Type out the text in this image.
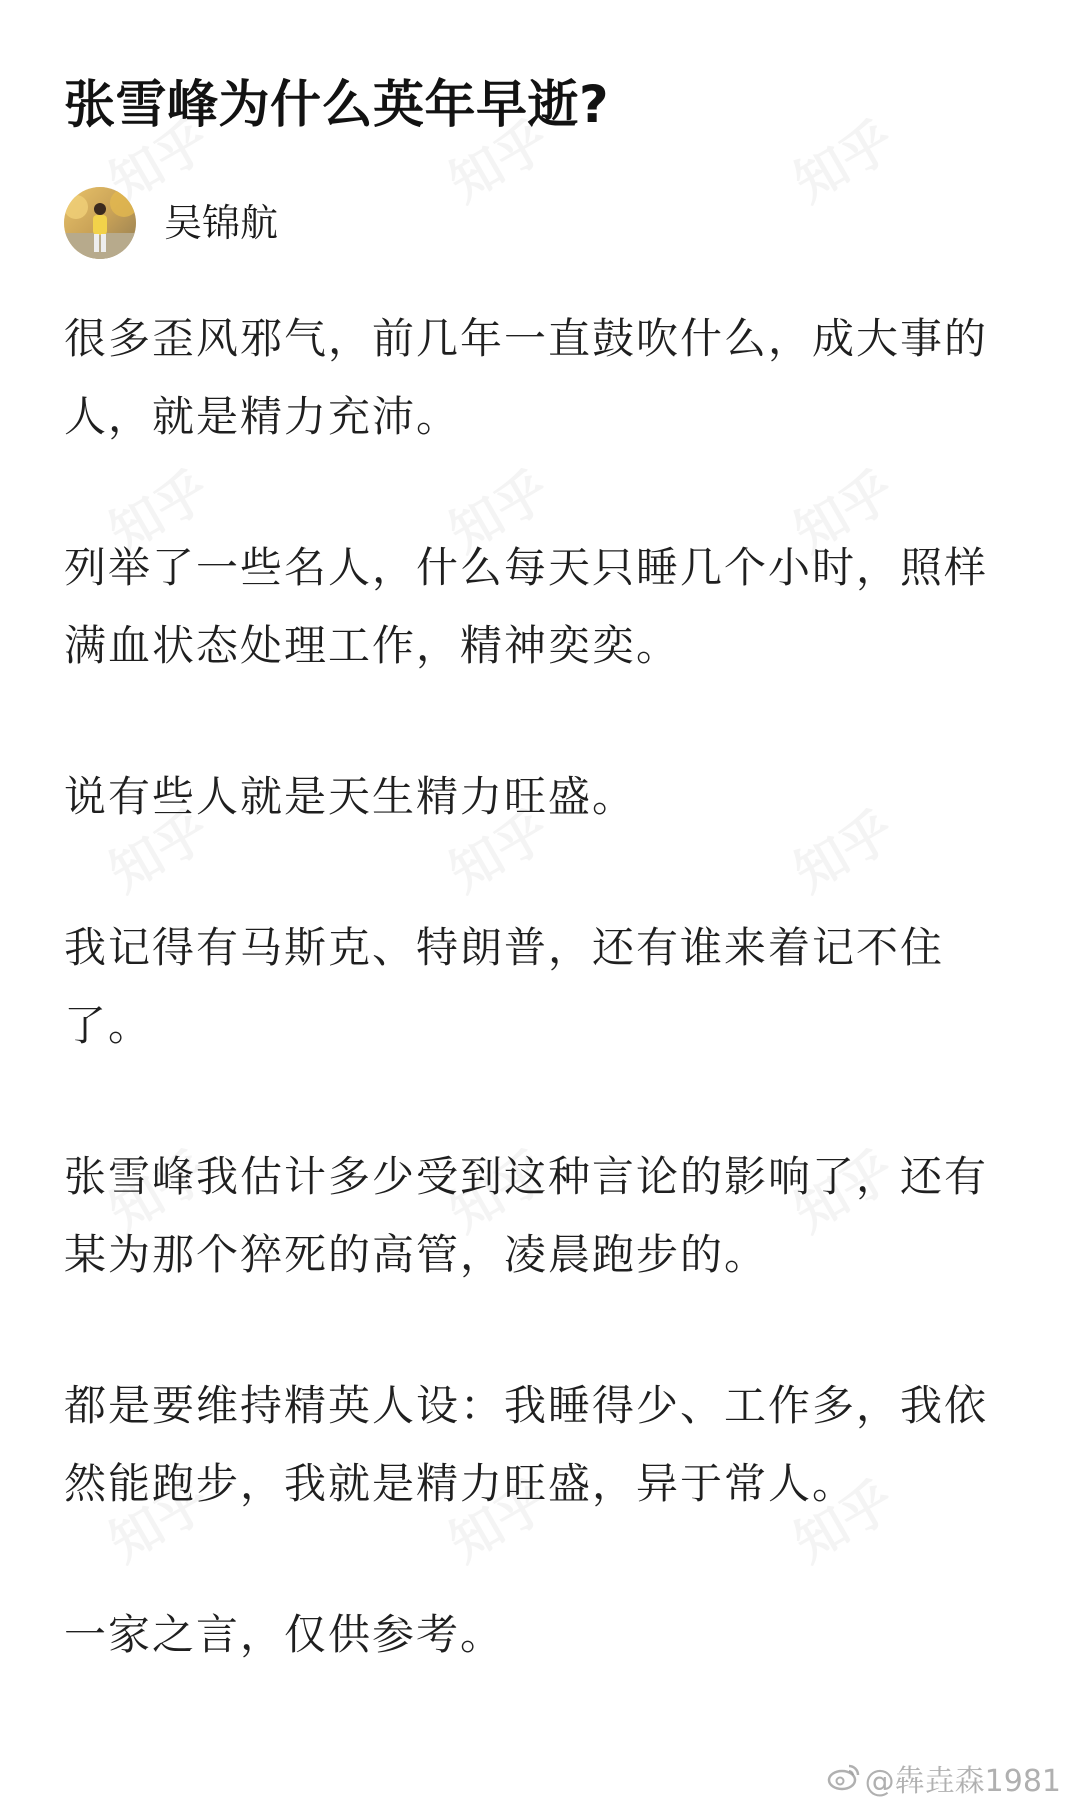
张雪峰为什么英年早逝?
吴锦航

很多歪风邪气，前几年一直鼓吹什么，成大事的人，就是精力充沛。

列举了一些名人，什么每天只睡几个小时，照样满血状态处理工作，精神奕奕。

说有些人就是天生精力旺盛。

我记得有马斯克、特朗普，还有谁来着记不住了。

张雪峰我估计多少受到这种言论的影响了，还有某为那个猝死的高管，凌晨跑步的。

都是要维持精英人设：我睡得少、工作多，我依然能跑步，我就是精力旺盛，异于常人。

一家之言，仅供参考。

@犇垚森1981
